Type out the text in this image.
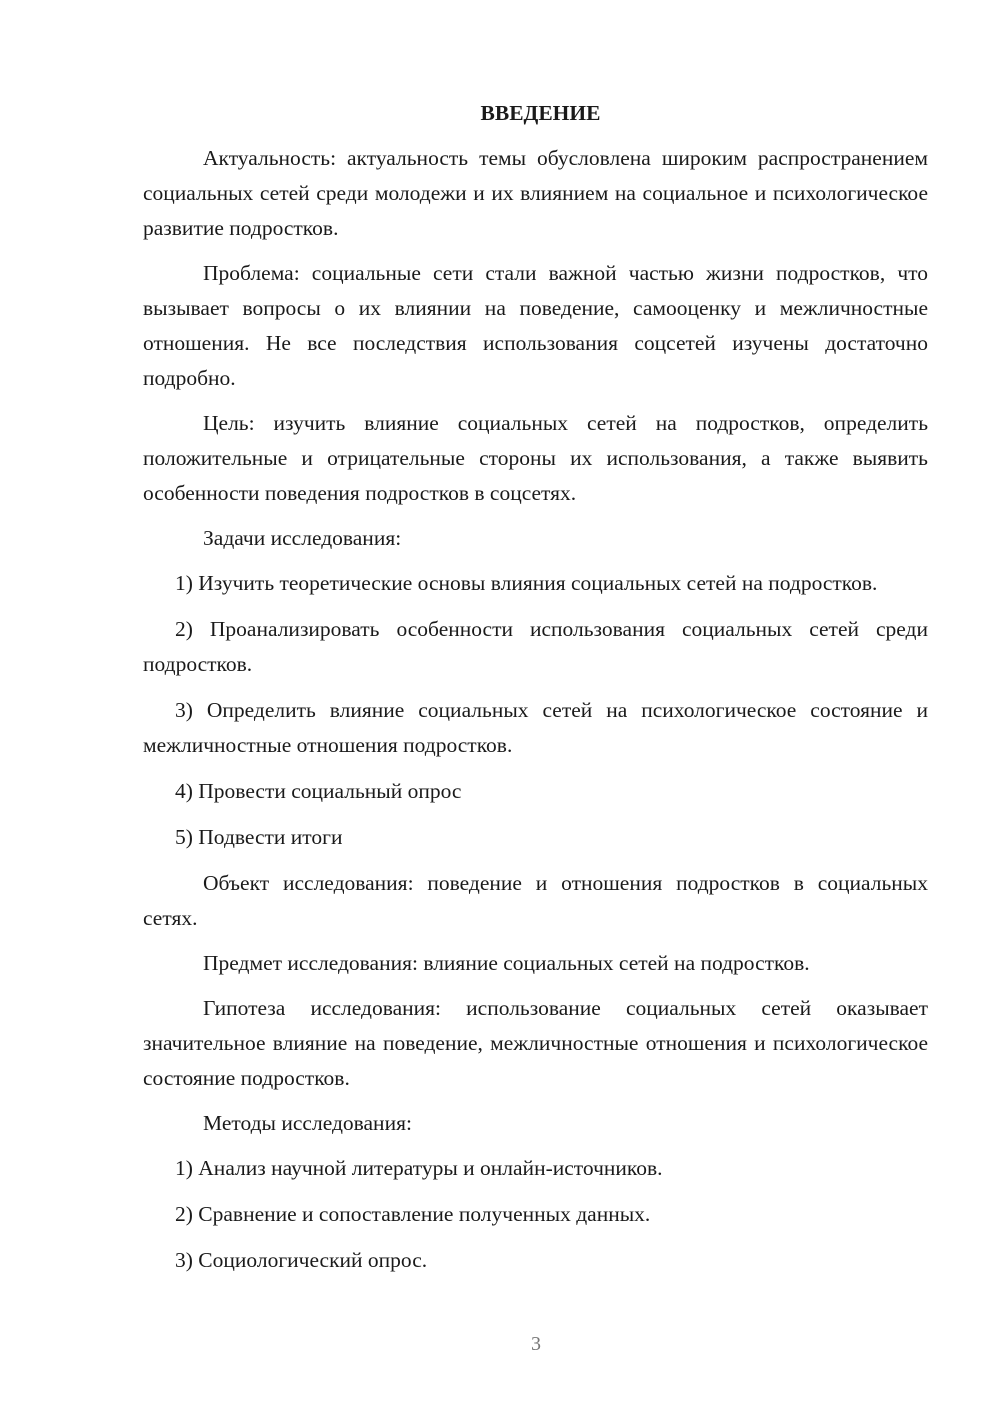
ВВЕДЕНИЕ

Актуальность: актуальность темы обусловлена широким распространением социальных сетей среди молодежи и их влиянием на социальное и психологическое развитие подростков.

Проблема: социальные сети стали важной частью жизни подростков, что вызывает вопросы о их влиянии на поведение, самооценку и межличностные отношения. Не все последствия использования соцсетей изучены достаточно подробно.

Цель: изучить влияние социальных сетей на подростков, определить положительные и отрицательные стороны их использования, а также выявить особенности поведения подростков в соцсетях.

Задачи исследования:

1) Изучить теоретические основы влияния социальных сетей на подростков.

2) Проанализировать особенности использования социальных сетей среди подростков.

3) Определить влияние социальных сетей на психологическое состояние и межличностные отношения подростков.

4) Провести социальный опрос

5) Подвести итоги

Объект исследования: поведение и отношения подростков в социальных сетях.

Предмет исследования: влияние социальных сетей на подростков.

Гипотеза исследования: использование социальных сетей оказывает значительное влияние на поведение, межличностные отношения и психологическое состояние подростков.

Методы исследования:

1) Анализ научной литературы и онлайн-источников.

2) Сравнение и сопоставление полученных данных.

3) Социологический опрос.

3
